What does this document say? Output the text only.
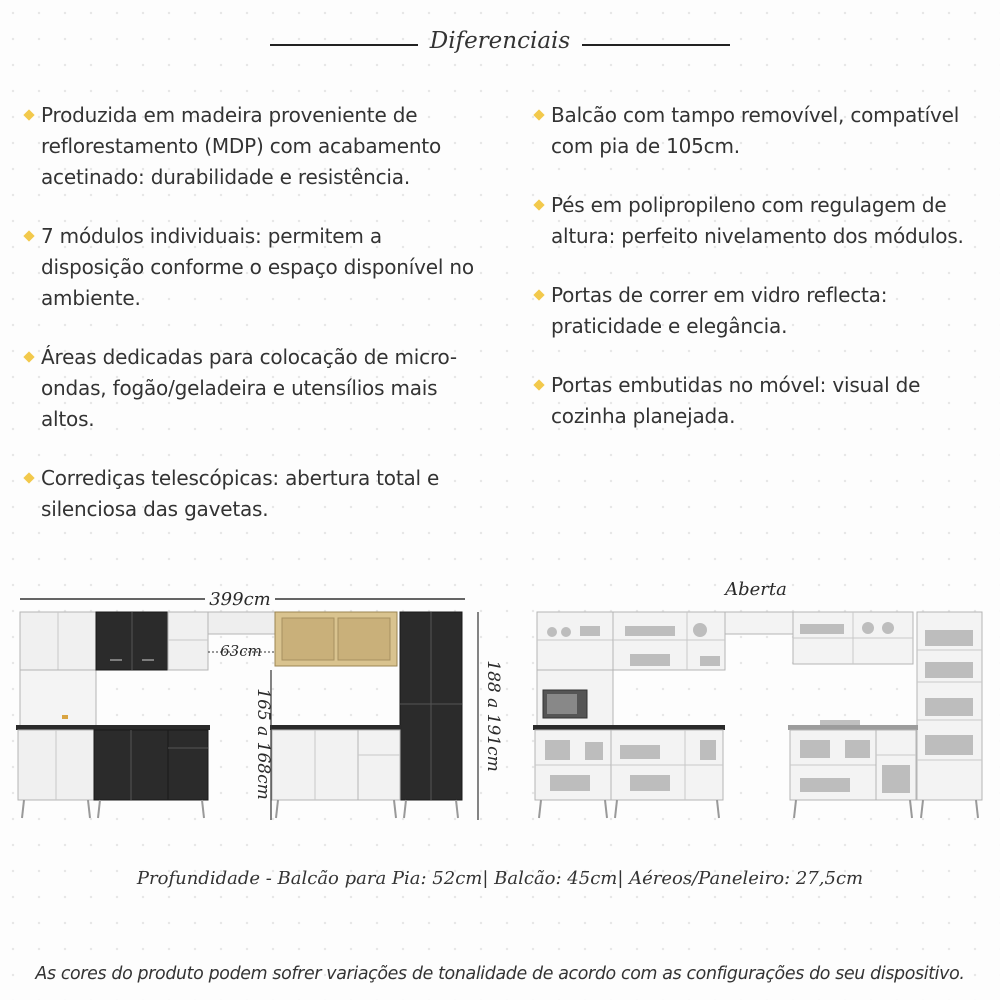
Diferenciais
Produzida em madeira proveniente de reflorestamento (MDP) com acabamento acetinado: durabilidade e resistência.
7 módulos individuais: permitem a disposição conforme o espaço disponível no ambiente.
Áreas dedicadas para colocação de micro-ondas, fogão/geladeira e utensílios mais altos.
Corrediças telescópicas: abertura total e silenciosa das gavetas.
Balcão com tampo removível, compatível com pia de 105cm.
Pés em polipropileno com regulagem de altura: perfeito nivelamento dos módulos.
Portas de correr em vidro reflecta: praticidade e elegância.
Portas embutidas no móvel: visual de cozinha planejada.
399cm
63cm
165 a 168cm	188 a 191cm
Aberta
Profundidade - Balcão para Pia: 52cm| Balcão: 45cm| Aéreos/Paneleiro: 27,5cm
As cores do produto podem sofrer variações de tonalidade de acordo com as configurações do seu dispositivo.
